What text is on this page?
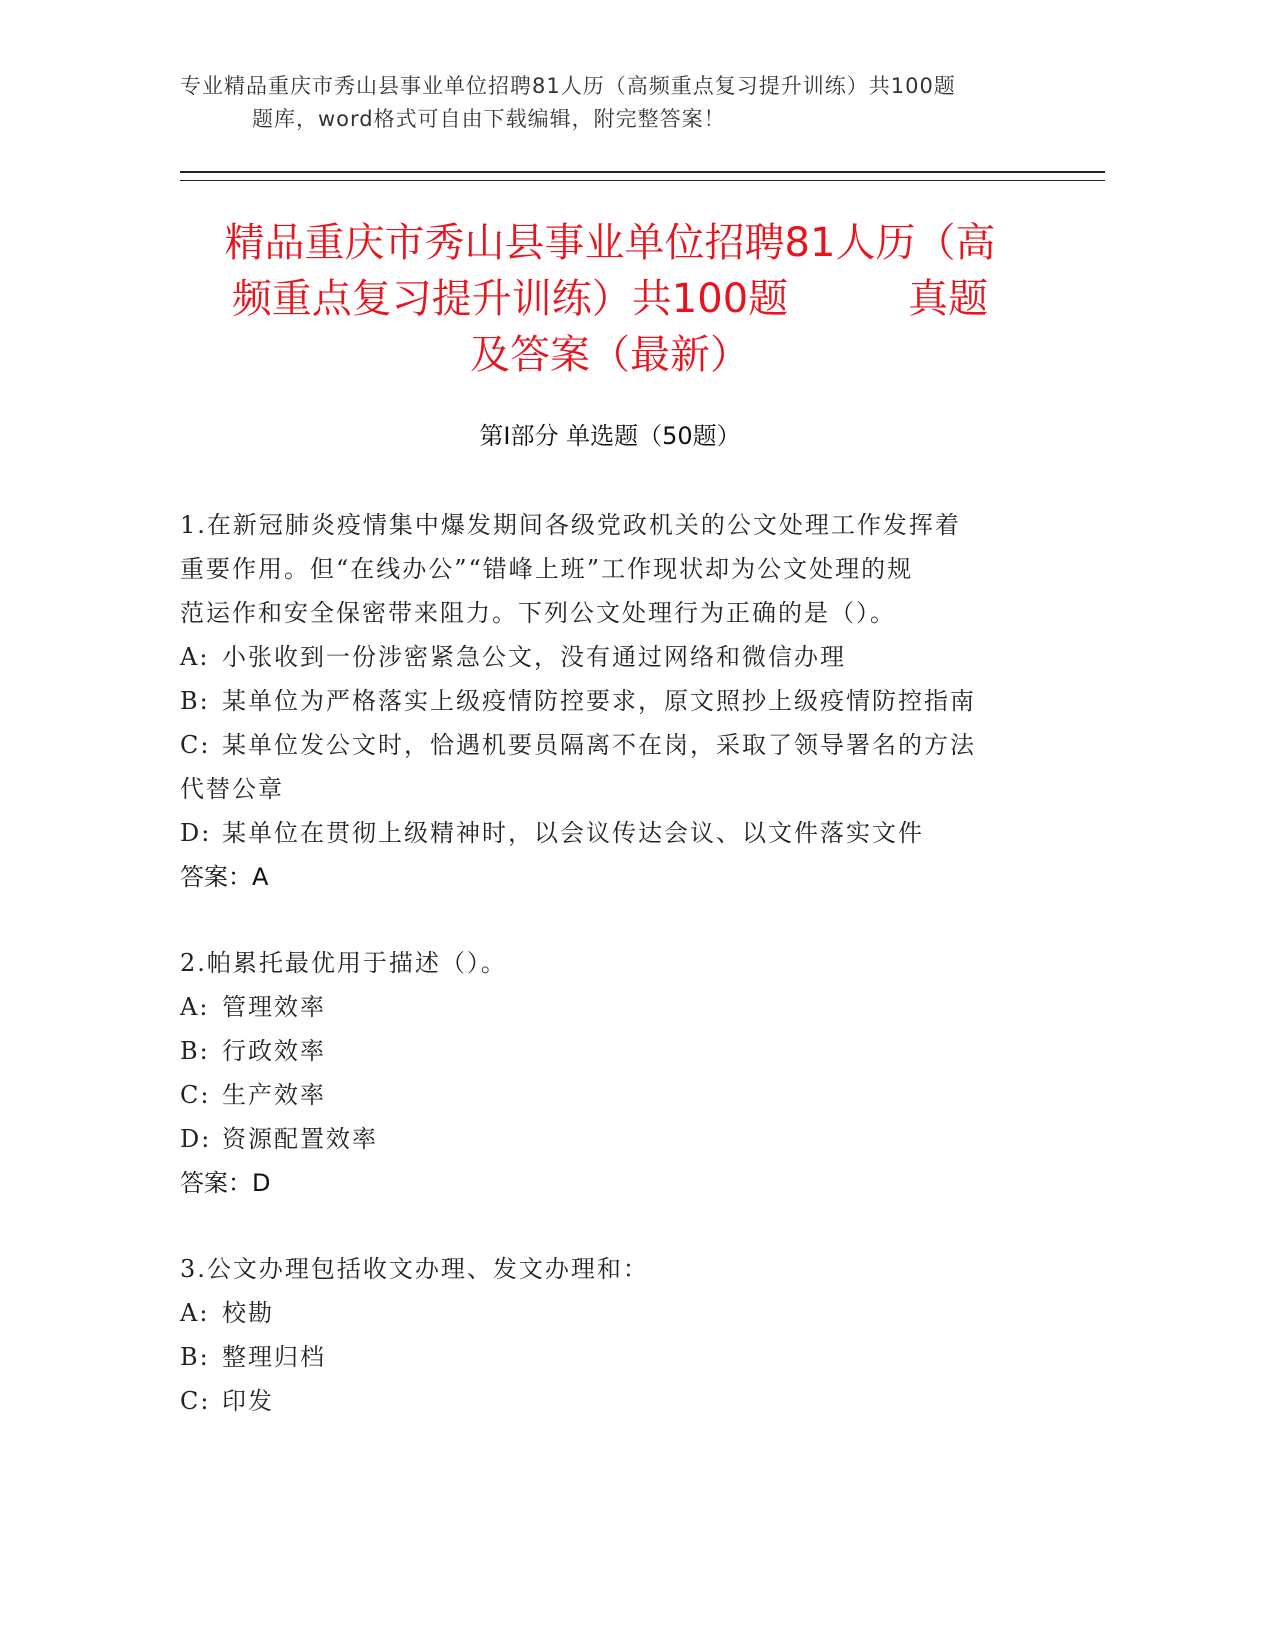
专业精品重庆市秀山县事业单位招聘81人历（高频重点复习提升训练）共100题
题库，word格式可自由下载编辑，附完整答案！
精品重庆市秀山县事业单位招聘81人历（高
频重点复习提升训练）共100题　　　真题
及答案（最新）
第Ⅰ部分 单选题（50题）

1.在新冠肺炎疫情集中爆发期间各级党政机关的公文处理工作发挥着

重要作用。但“在线办公”“错峰上班”工作现状却为公文处理的规

范运作和安全保密带来阻力。下列公文处理行为正确的是（）。

A: 小张收到一份涉密紧急公文，没有通过网络和微信办理

B: 某单位为严格落实上级疫情防控要求，原文照抄上级疫情防控指南

C: 某单位发公文时，恰遇机要员隔离不在岗，采取了领导署名的方法

代替公章

D: 某单位在贯彻上级精神时，以会议传达会议、以文件落实文件

答案：A

2.帕累托最优用于描述（）。

A: 管理效率

B: 行政效率

C: 生产效率

D: 资源配置效率

答案：D

3.公文办理包括收文办理、发文办理和：

A: 校勘

B: 整理归档

C: 印发
